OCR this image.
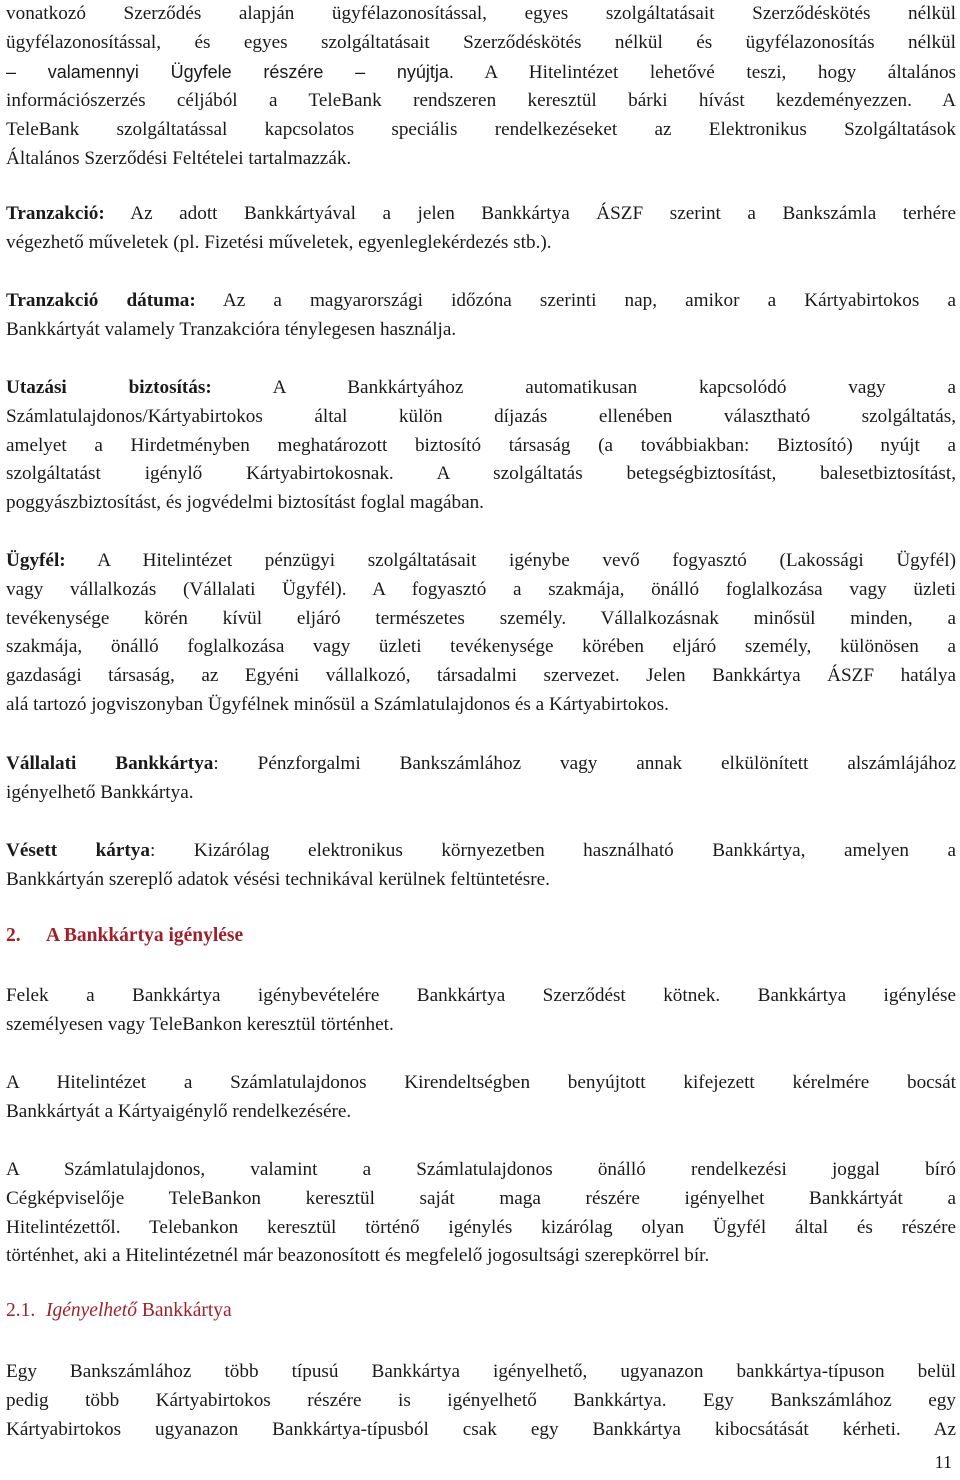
vonatkozó Szerződés alapján ügyfélazonosítással, egyes szolgáltatásait Szerződéskötés nélkül
ügyfélazonosítással, és egyes szolgáltatásait Szerződéskötés nélkül és ügyfélazonosítás nélkül
– valamennyi Ügyfele részére – nyújtja. A Hitelintézet lehetővé teszi, hogy általános
információszerzés céljából a TeleBank rendszeren keresztül bárki hívást kezdeményezzen. A
TeleBank szolgáltatással kapcsolatos speciális rendelkezéseket az Elektronikus Szolgáltatások
Általános Szerződési Feltételei tartalmazzák.
Tranzakció: Az adott Bankkártyával a jelen Bankkártya ÁSZF szerint a Bankszámla terhére
végezhető műveletek (pl. Fizetési műveletek, egyenleglekérdezés stb.).
Tranzakció dátuma: Az a magyarországi időzóna szerinti nap, amikor a Kártyabirtokos a
Bankkártyát valamely Tranzakcióra ténylegesen használja.
Utazási biztosítás: A Bankkártyához automatikusan kapcsolódó vagy a
Számlatulajdonos/Kártyabirtokos által külön díjazás ellenében választható szolgáltatás,
amelyet a Hirdetményben meghatározott biztosító társaság (a továbbiakban: Biztosító) nyújt a
szolgáltatást igénylő Kártyabirtokosnak. A szolgáltatás betegségbiztosítást, balesetbiztosítást,
poggyászbiztosítást, és jogvédelmi biztosítást foglal magában.
Ügyfél: A Hitelintézet pénzügyi szolgáltatásait igénybe vevő fogyasztó (Lakossági Ügyfél)
vagy vállalkozás (Vállalati Ügyfél). A fogyasztó a szakmája, önálló foglalkozása vagy üzleti
tevékenysége körén kívül eljáró természetes személy. Vállalkozásnak minősül minden, a
szakmája, önálló foglalkozása vagy üzleti tevékenysége körében eljáró személy, különösen a
gazdasági társaság, az Egyéni vállalkozó, társadalmi szervezet. Jelen Bankkártya ÁSZF hatálya
alá tartozó jogviszonyban Ügyfélnek minősül a Számlatulajdonos és a Kártyabirtokos.
Vállalati Bankkártya: Pénzforgalmi Bankszámlához vagy annak elkülönített alszámlájához
igényelhető Bankkártya.
Vésett kártya: Kizárólag elektronikus környezetben használható Bankkártya, amelyen a
Bankkártyán szereplő adatok vésési technikával kerülnek feltüntetésre.
2. A Bankkártya igénylése
Felek a Bankkártya igénybevételére Bankkártya Szerződést kötnek. Bankkártya igénylése
személyesen vagy TeleBankon keresztül történhet.
A Hitelintézet a Számlatulajdonos Kirendeltségben benyújtott kifejezett kérelmére bocsát
Bankkártyát a Kártyaigénylő rendelkezésére.
A Számlatulajdonos, valamint a Számlatulajdonos önálló rendelkezési joggal bíró
Cégképviselője TeleBankon keresztül saját maga részére igényelhet Bankkártyát a
Hitelintézettől. Telebankon keresztül történő igénylés kizárólag olyan Ügyfél által és részére
történhet, aki a Hitelintézetnél már beazonosított és megfelelő jogosultsági szerepkörrel bír.
2.1. Igényelhető Bankkártya
Egy Bankszámlához több típusú Bankkártya igényelhető, ugyanazon bankkártya-típuson belül
pedig több Kártyabirtokos részére is igényelhető Bankkártya. Egy Bankszámlához egy
Kártyabirtokos ugyanazon Bankkártya-típusból csak egy Bankkártya kibocsátását kérheti. Az
11
